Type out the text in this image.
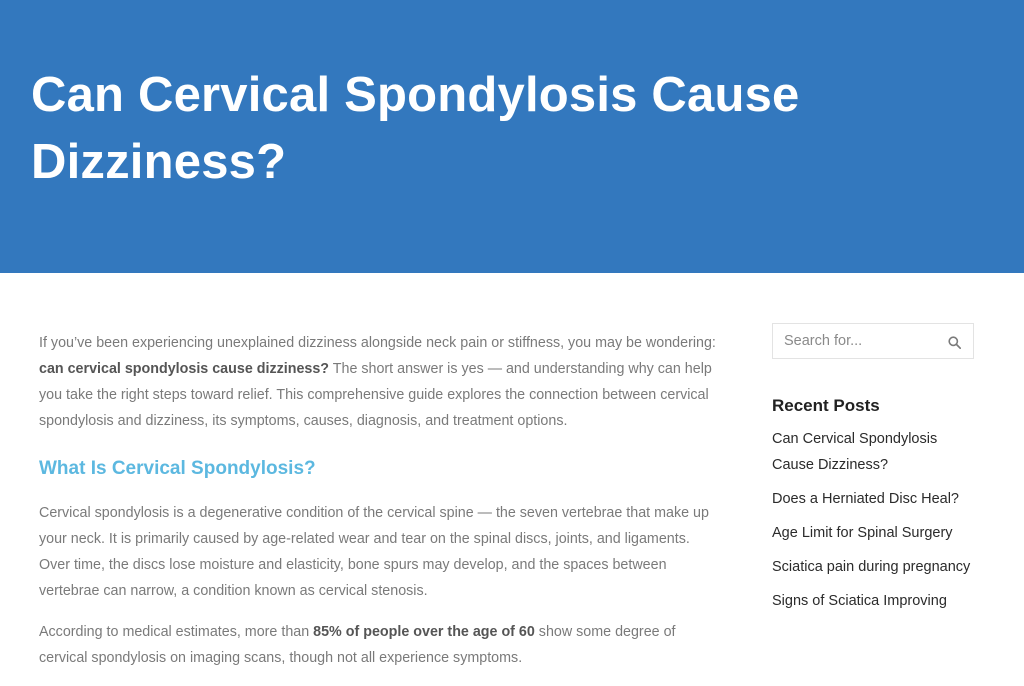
Can Cervical Spondylosis Cause Dizziness?

If you’ve been experiencing unexplained dizziness alongside neck pain or stiffness, you may be wondering: can cervical spondylosis cause dizziness? The short answer is yes — and understanding why can help you take the right steps toward relief. This comprehensive guide explores the connection between cervical spondylosis and dizziness, its symptoms, causes, diagnosis, and treatment options.

What Is Cervical Spondylosis?

Cervical spondylosis is a degenerative condition of the cervical spine — the seven vertebrae that make up your neck. It is primarily caused by age-related wear and tear on the spinal discs, joints, and ligaments. Over time, the discs lose moisture and elasticity, bone spurs may develop, and the spaces between vertebrae can narrow, a condition known as cervical stenosis.

According to medical estimates, more than 85% of people over the age of 60 show some degree of cervical spondylosis on imaging scans, though not all experience symptoms.

Search for...
Recent Posts
Can Cervical Spondylosis Cause Dizziness?
Does a Herniated Disc Heal?
Age Limit for Spinal Surgery
Sciatica pain during pregnancy
Signs of Sciatica Improving
